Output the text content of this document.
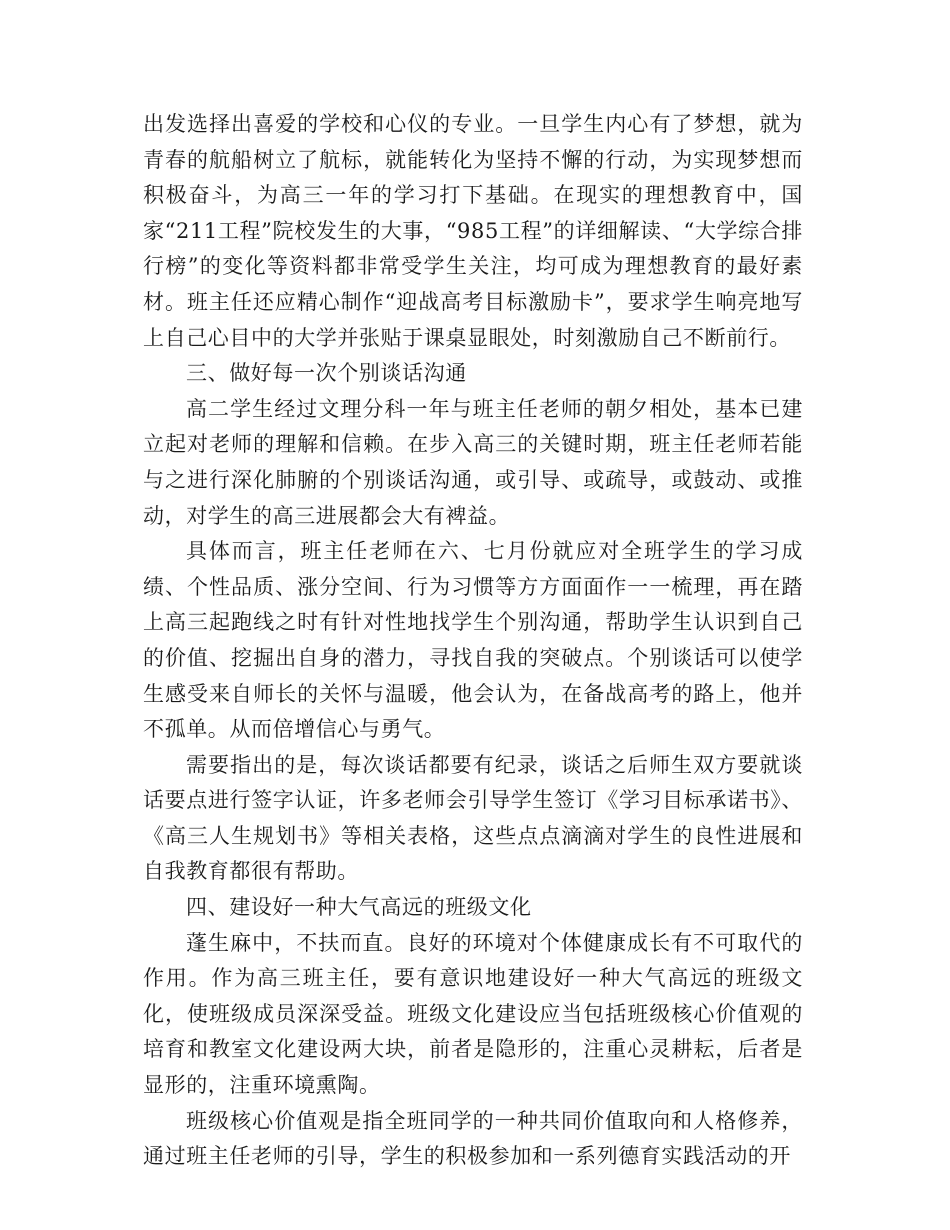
出发选择出喜爱的学校和心仪的专业。一旦学生内心有了梦想，就为青春的航船树立了航标，就能转化为坚持不懈的行动，为实现梦想而积极奋斗，为高三一年的学习打下基础。在现实的理想教育中，国家“211工程”院校发生的大事，“985工程”的详细解读、“大学综合排行榜”的变化等资料都非常受学生关注，均可成为理想教育的最好素材。班主任还应精心制作“迎战高考目标激励卡”，要求学生响亮地写上自己心目中的大学并张贴于课桌显眼处，时刻激励自己不断前行。

三、做好每一次个别谈话沟通

高二学生经过文理分科一年与班主任老师的朝夕相处，基本已建立起对老师的理解和信赖。在步入高三的关键时期，班主任老师若能与之进行深化肺腑的个别谈话沟通，或引导、或疏导，或鼓动、或推动，对学生的高三进展都会大有裨益。

具体而言，班主任老师在六、七月份就应对全班学生的学习成绩、个性品质、涨分空间、行为习惯等方方面面作一一梳理，再在踏上高三起跑线之时有针对性地找学生个别沟通，帮助学生认识到自己的价值、挖掘出自身的潜力，寻找自我的突破点。个别谈话可以使学生感受来自师长的关怀与温暖，他会认为，在备战高考的路上，他并不孤单。从而倍增信心与勇气。

需要指出的是，每次谈话都要有纪录，谈话之后师生双方要就谈话要点进行签字认证，许多老师会引导学生签订《学习目标承诺书》、《高三人生规划书》等相关表格，这些点点滴滴对学生的良性进展和自我教育都很有帮助。

四、建设好一种大气高远的班级文化

蓬生麻中，不扶而直。良好的环境对个体健康成长有不可取代的作用。作为高三班主任，要有意识地建设好一种大气高远的班级文化，使班级成员深深受益。班级文化建设应当包括班级核心价值观的培育和教室文化建设两大块，前者是隐形的，注重心灵耕耘，后者是显形的，注重环境熏陶。

班级核心价值观是指全班同学的一种共同价值取向和人格修养，通过班主任老师的引导，学生的积极参加和一系列德育实践活动的开
